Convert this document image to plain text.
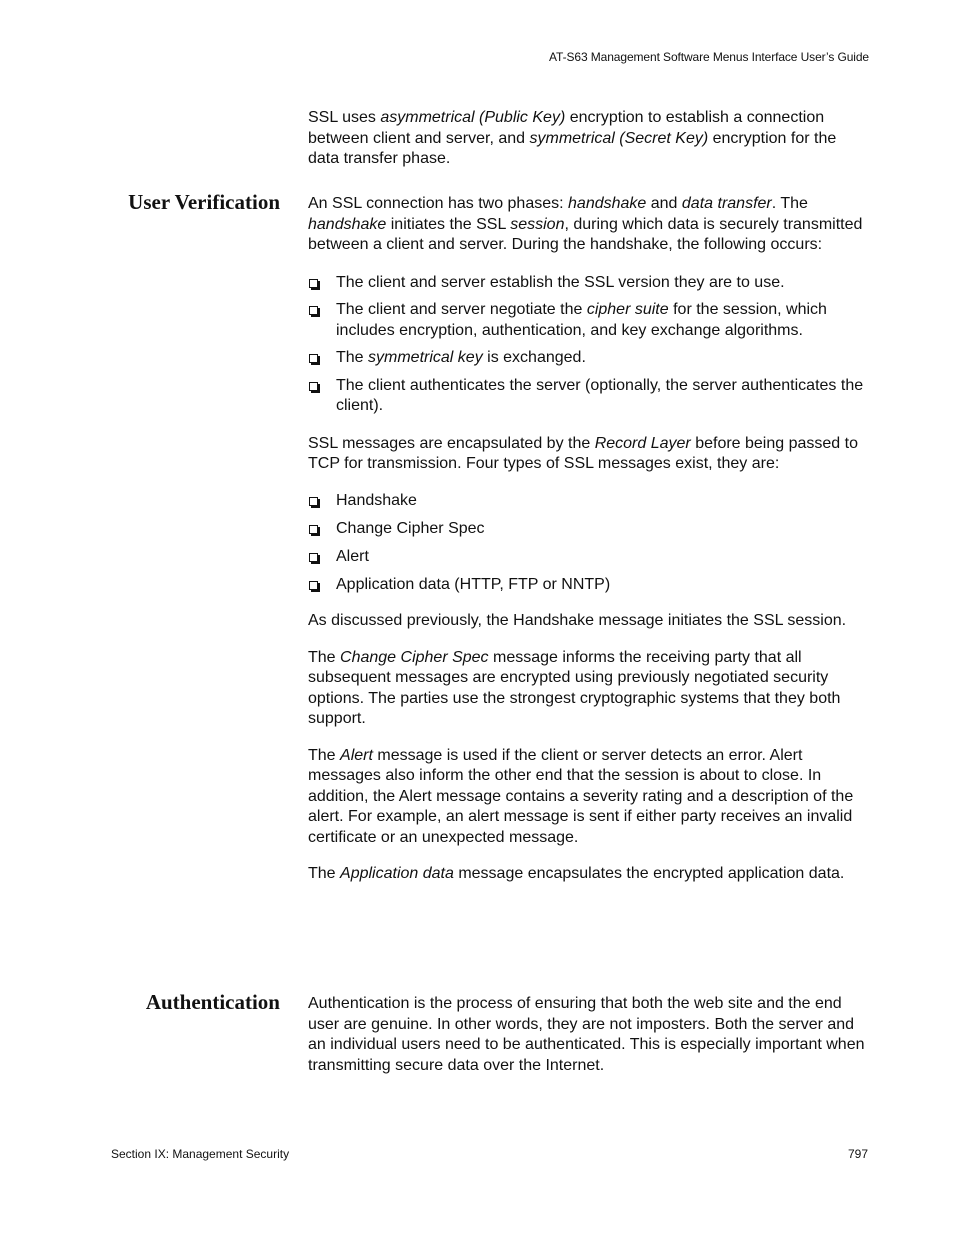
AT-S63 Management Software Menus Interface User’s Guide

SSL uses asymmetrical (Public Key) encryption to establish a connection between client and server, and symmetrical (Secret Key) encryption for the data transfer phase.

User Verification An SSL connection has two phases: handshake and data transfer. The handshake initiates the SSL session, during which data is securely transmitted between a client and server. During the handshake, the following occurs:

The client and server establish the SSL version they are to use.
The client and server negotiate the cipher suite for the session, which includes encryption, authentication, and key exchange algorithms.
The symmetrical key is exchanged.
The client authenticates the server (optionally, the server authenticates the client).

SSL messages are encapsulated by the Record Layer before being passed to TCP for transmission. Four types of SSL messages exist, they are:

Handshake
Change Cipher Spec
Alert
Application data (HTTP, FTP or NNTP)

As discussed previously, the Handshake message initiates the SSL session.

The Change Cipher Spec message informs the receiving party that all subsequent messages are encrypted using previously negotiated security options. The parties use the strongest cryptographic systems that they both support.

The Alert message is used if the client or server detects an error. Alert messages also inform the other end that the session is about to close. In addition, the Alert message contains a severity rating and a description of the alert. For example, an alert message is sent if either party receives an invalid certificate or an unexpected message.

The Application data message encapsulates the encrypted application data.

Authentication Authentication is the process of ensuring that both the web site and the end user are genuine. In other words, they are not imposters. Both the server and an individual users need to be authenticated. This is especially important when transmitting secure data over the Internet.

Section IX: Management Security	797
